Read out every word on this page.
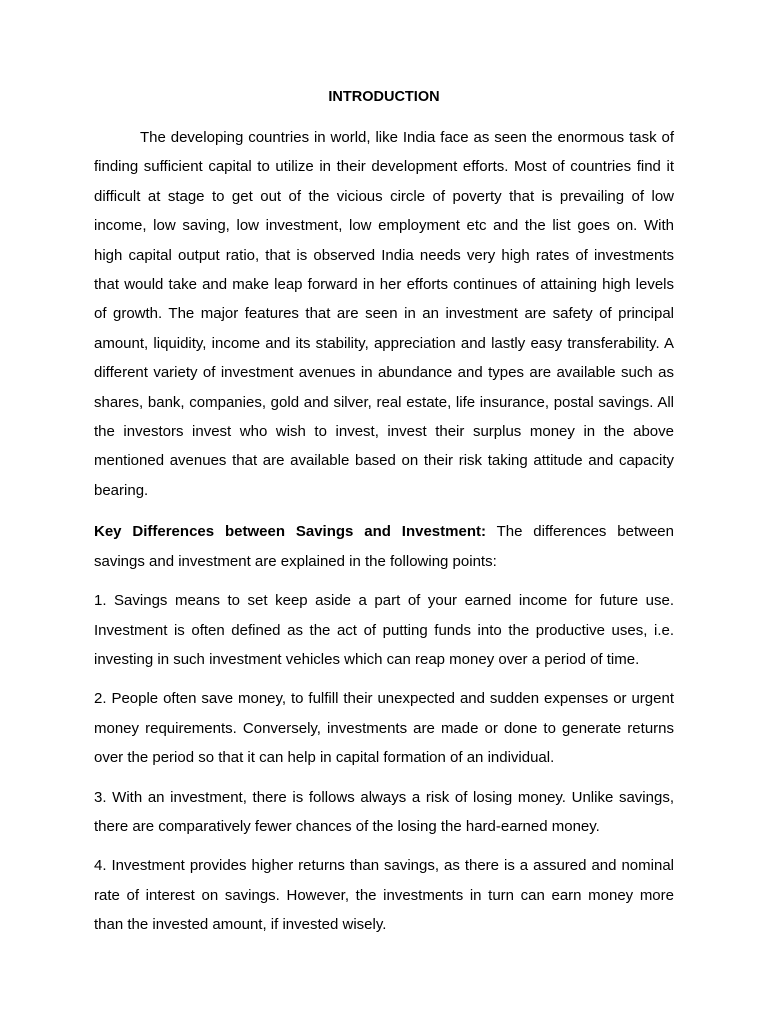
INTRODUCTION

The developing countries in world, like India face as seen the enormous task of finding sufficient capital to utilize in their development efforts. Most of countries find it difficult at stage to get out of the vicious circle of poverty that is prevailing of low income, low saving, low investment, low employment etc and the list goes on. With high capital output ratio, that is observed India needs very high rates of investments that would take and make leap forward in her efforts continues of attaining high levels of growth. The major features that are seen in an investment are safety of principal amount, liquidity, income and its stability, appreciation and lastly easy transferability. A different variety of investment avenues in abundance and types are available such as shares, bank, companies, gold and silver, real estate, life insurance, postal savings. All the investors invest who wish to invest, invest their surplus money in the above mentioned avenues that are available based on their risk taking attitude and capacity bearing.

Key Differences between Savings and Investment: The differences between savings and investment are explained in the following points:

1. Savings means to set keep aside a part of your earned income for future use. Investment is often defined as the act of putting funds into the productive uses, i.e. investing in such investment vehicles which can reap money over a period of time.

2. People often save money, to fulfill their unexpected and sudden expenses or urgent money requirements. Conversely, investments are made or done to generate returns over the period so that it can help in capital formation of an individual.

3. With an investment, there is follows always a risk of losing money. Unlike savings, there are comparatively fewer chances of the losing the hard-earned money.

4. Investment provides higher returns than savings, as there is a assured and nominal rate of interest on savings. However, the investments in turn can earn money more than the invested amount, if invested wisely.
